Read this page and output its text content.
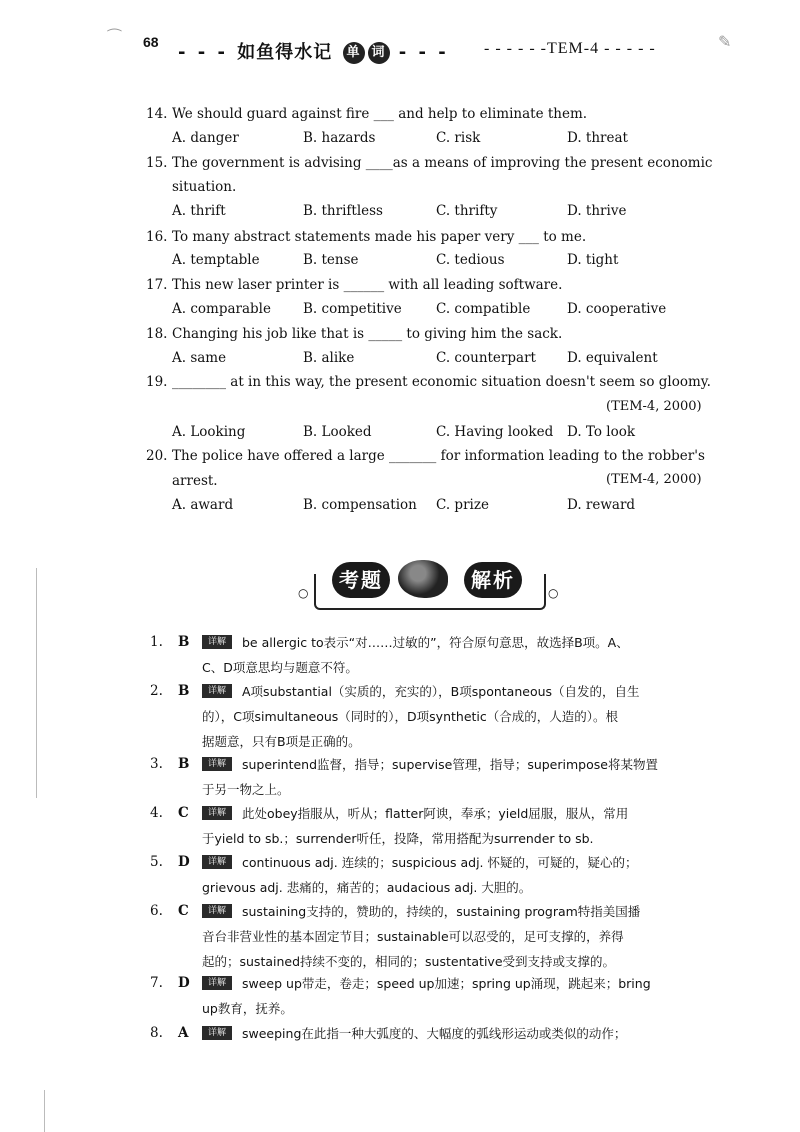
⁀ 68 - - - 如鱼得水记 单 词 - - - - - - - - -TEM-4 - - - - -	✎
14. We should guard against fire ___ and help to eliminate them.
A. danger	B. hazards	C. risk	D. threat
15. The government is advising ____as a means of improving the present economic
situation.
A. thrift	B. thriftless	C. thrifty	D. thrive
16. To many abstract statements made his paper very ___ to me.
A. temptable	B. tense	C. tedious	D. tight
17. This new laser printer is ______ with all leading software.
A. comparable B. competitive	C. compatible	D. cooperative
18. Changing his job like that is _____ to giving him the sack.
A. same	B. alike	C. counterpart D. equivalent
19. ________ at in this way, the present economic situation doesn't seem so gloomy.
(TEM-4, 2000)
A. Looking	B. Looked	C. Having looked D. To look
20. The police have offered a large _______ for information leading to the robber's
arrest.	(TEM-4, 2000)
A. award	B. compensation C. prize	D. reward
○
考题	解析
○
1. B	详解	be allergic to表示“对……过敏的”，符合原句意思，故选择B项。A、
C、D项意思均与题意不符。
2. B	详解	A项substantial（实质的，充实的），B项spontaneous（自发的，自生
的），C项simultaneous（同时的），D项synthetic（合成的，人造的）。根
据题意，只有B项是正确的。
3. B	详解	superintend监督，指导；supervise管理，指导；superimpose将某物置
于另一物之上。
4. C	详解	此处obey指服从，听从；flatter阿谀，奉承；yield屈服，服从，常用
于yield to sb.；surrender听任，投降，常用搭配为surrender to sb.
5. D	详解	continuous adj. 连续的；suspicious adj. 怀疑的，可疑的，疑心的；
grievous adj. 悲痛的，痛苦的；audacious adj. 大胆的。
6. C	详解	sustaining支持的，赞助的，持续的，sustaining program特指美国播
音台非营业性的基本固定节目；sustainable可以忍受的，足可支撑的，养得
起的；sustained持续不变的，相同的；sustentative受到支持或支撑的。
7. D	详解	sweep up带走，卷走；speed up加速；spring up涌现，跳起来；bring
up教育，抚养。
8. A	详解	sweeping在此指一种大弧度的、大幅度的弧线形运动或类似的动作；
